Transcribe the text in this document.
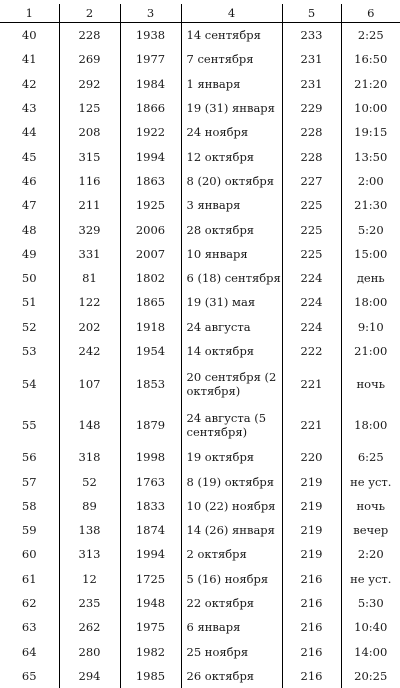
1	2	3	4	5	6
40	228	1938	14 сентября	233	2:25
41	269	1977	7 сентября	231	16:50
42	292	1984	1 января	231	21:20
43	125	1866	19 (31) января	229	10:00
44	208	1922	24 ноября	228	19:15
45	315	1994	12 октября	228	13:50
46	116	1863	8 (20) октября	227	2:00
47	211	1925	3 января	225	21:30
48	329	2006	28 октября	225	5:20
49	331	2007	10 января	225	15:00
50	81	1802	6 (18) сентября	224	день
51	122	1865	19 (31) мая	224	18:00
52	202	1918	24 августа	224	9:10
53	242	1954	14 октября	222	21:00
54	107	1853	20 сентября (2 октября)	221	ночь
55	148	1879	24 августа (5 сентября)	221	18:00
56	318	1998	19 октября	220	6:25
57	52	1763	8 (19) октября	219	не уст.
58	89	1833	10 (22) ноября	219	ночь
59	138	1874	14 (26) января	219	вечер
60	313	1994	2 октября	219	2:20
61	12	1725	5 (16) ноября	216	не уст.
62	235	1948	22 октября	216	5:30
63	262	1975	6 января	216	10:40
64	280	1982	25 ноября	216	14:00
65	294	1985	26 октября	216	20:25
